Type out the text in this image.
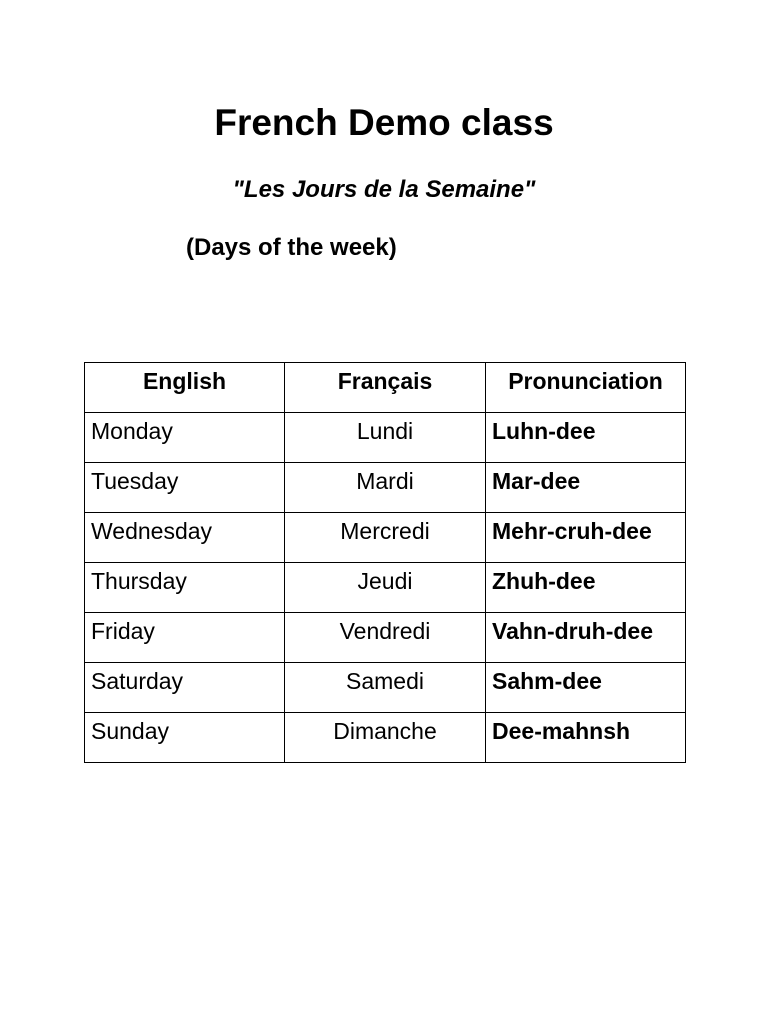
French Demo class
"Les Jours de la Semaine"
(Days of the week)
English	Français	Pronunciation
Monday	Lundi	Luhn-dee
Tuesday	Mardi	Mar-dee
Wednesday	Mercredi	Mehr-cruh-dee
Thursday	Jeudi	Zhuh-dee
Friday	Vendredi	Vahn-druh-dee
Saturday	Samedi	Sahm-dee
Sunday	Dimanche	Dee-mahnsh
